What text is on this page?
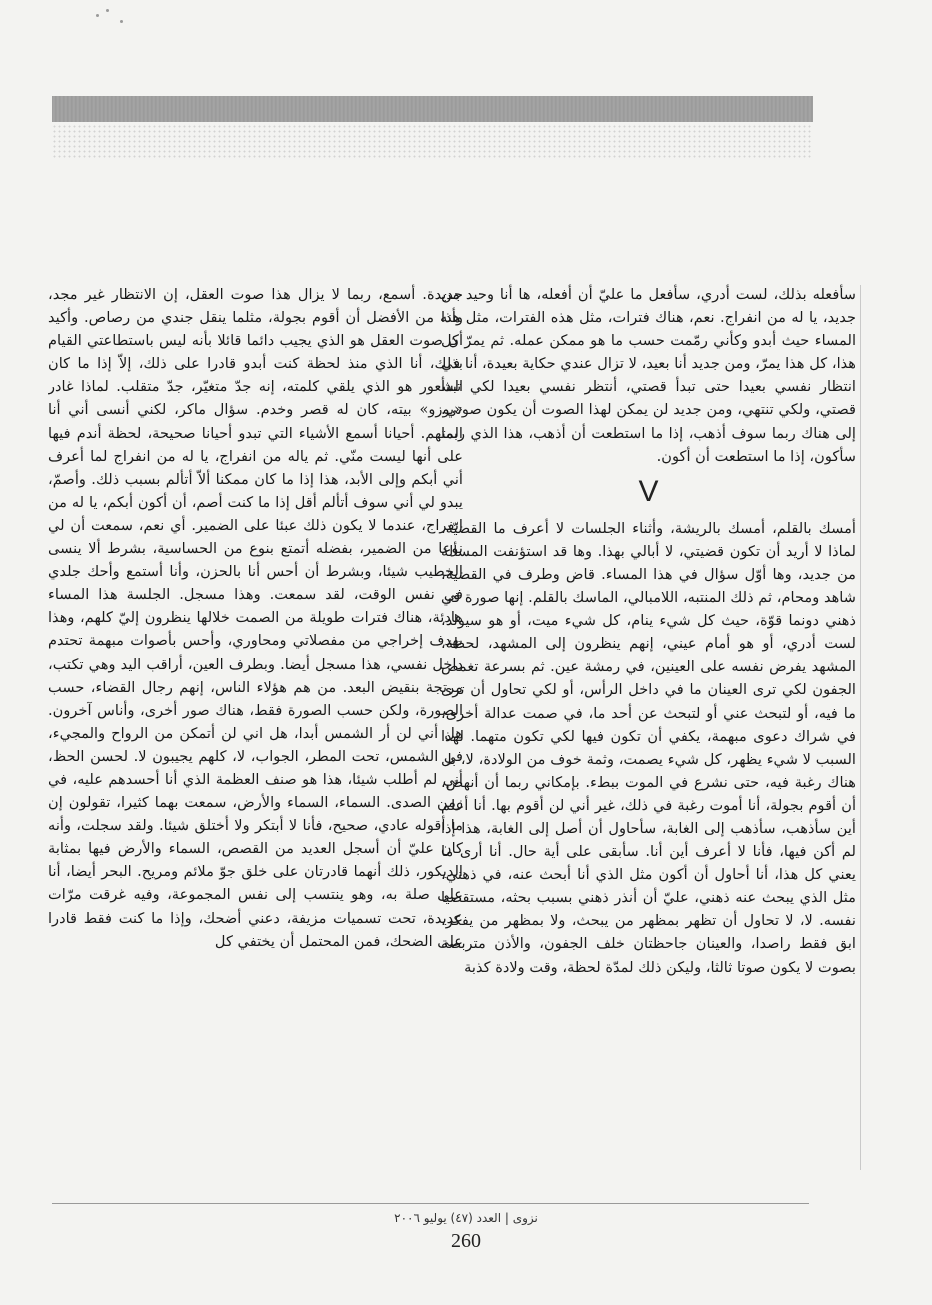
سأفعله بذلك، لست أدري، سأفعل ما عليّ أن أفعله، ها أنا وحيد من جديد، يا له من انفراج. نعم، هناك فترات، مثل هذه الفترات، مثل هذا المساء حيث أبدو وكأني رمّمت حسب ما هو ممكن عمله. ثم يمرّ كل هذا، كل هذا يمرّ، ومن جديد أنا بعيد، لا تزال عندي حكاية بعيدة، أنا في انتظار نفسي بعيدا حتى تبدأ قصتي، أنتظر نفسي بعيدا لكي تبدأ قصتي، ولكي تنتهي، ومن جديد لن يمكن لهذا الصوت أن يكون صوتي. إلى هناك ربما سوف أذهب، إذا ما استطعت أن أذهب، هذا الذي ربما سأكون، إذا ما استطعت أن أكون.

V

أمسك بالقلم، أمسك بالريشة، وأثناء الجلسات لا أعرف ما القضيّة. لماذا لا أريد أن تكون قضيتي، لا أبالي بهذا. وها قد استؤنفت المسألة من جديد، وها أوّل سؤال في هذا المساء. قاض وطرف في القضية، شاهد ومحام، ثم ذلك المنتبه، اللامبالي، الماسك بالقلم. إنها صورة في ذهني دونما قوّة، حيث كل شيء ينام، كل شيء ميت، أو هو سيولد، لست أدري، أو هو أمام عيني، إنهم ينظرون إلى المشهد، لحظة، المشهد يفرض نفسه على العينين، في رمشة عين. ثم بسرعة تغمض الجفون لكي ترى العينان ما في داخل الرأس، أو لكي تحاول أن ترى ما فيه، أو لتبحث عني أو لتبحث عن أحد ما، في صمت عدالة أخرى، في شراك دعوى مبهمة، يكفي أن تكون فيها لكي تكون متهما. لهذا السبب لا شيء يظهر، كل شيء يصمت، وثمة خوف من الولادة، لا، بل هناك رغبة فيه، حتى نشرع في الموت ببطء. بإمكاني ربما أن أنهض، أن أقوم بجولة، أنا أموت رغبة في ذلك، غير أني لن أقوم بها. أنا أعلم أين سأذهب، سأذهب إلى الغابة، سأحاول أن أصل إلى الغابة، هذا إذا لم أكن فيها، فأنا لا أعرف أين أنا. سأبقى على أية حال. أنا أرى ما يعني كل هذا، أنا أحاول أن أكون مثل الذي أنا أبحث عنه، في ذهني، مثل الذي يبحث عنه ذهني، عليّ أن أنذر ذهني بسبب بحثه، مستقصيا نفسه. لا، لا تحاول أن تظهر بمظهر من يبحث، ولا بمظهر من يفكر، ابق فقط راصدا، والعينان جاحظتان خلف الجفون، والأذن متربصة بصوت لا يكون صوتا ثالثا، وليكن ذلك لمدّة لحظة، وقت ولادة كذبة

جديدة. أسمع، ربما لا يزال هذا صوت العقل، إن الانتظار غير مجد، وأنه من الأفضل أن أقوم بجولة، مثلما ينقل جندي من رصاص. وأكيد أن صوت العقل هو الذي يجيب دائما قائلا بأنه ليس باستطاعتي القيام بذلك، أنا الذي منذ لحظة كنت أبدو قادرا على ذلك، إلاّ إذا ما كان الشعور هو الذي يلقي كلمته، إنه جدّ متغيّر، جدّ متقلب. لماذا غادر «يوزو» بيته، كان له قصر وخدم. سؤال ماكر، لكني أنسى أني أنا المتهم. أحيانا أسمع الأشياء التي تبدو أحيانا صحيحة، لحظة أندم فيها على أنها ليست منّي. ثم ياله من انفراج، يا له من انفراج لما أعرف أني أبكم وإلى الأبد، هذا إذا ما كان ممكنا ألاّ أتألم بسبب ذلك. وأصمّ، يبدو لي أني سوف أتألم أقل إذا ما كنت أصم، أن أكون أبكم، يا له من انفراج، عندما لا يكون ذلك عبئا على الضمير. أي نعم، سمعت أن لي نوعا من الضمير، بفضله أتمتع بنوع من الحساسية، بشرط ألا ينسى الخطيب شيئا، وبشرط أن أحس أنا بالحزن، وأنا أستمع وأحك جلدي في نفس الوقت، لقد سمعت. وهذا مسجل. الجلسة هذا المساء هادئة، هناك فترات طويلة من الصمت خلالها ينظرون إليّ كلهم، وهذا بهدف إخراجي من مفصلاتي ومحاوري، وأحس بأصوات مبهمة تحتدم داخل نفسي، هذا مسجل أيضا. وبطرف العين، أراقب اليد وهي تكتب، مرتجة بنقيض البعد. من هم هؤلاء الناس، إنهم رجال القضاء، حسب الصورة، ولكن حسب الصورة فقط، هناك صور أخرى، وأناس آخرون. هل أني لن أر الشمس أبدا، هل اني لن أتمكن من الرواح والمجيء، في الشمس، تحت المطر، الجواب، لا، كلهم يجيبون لا. لحسن الحظ، أني لم أطلب شيئا، هذا هو صنف العظمة الذي أنا أحسدهم عليه، في زمن الصدى. السماء، السماء والأرض، سمعت بهما كثيرا، تقولون إن ما أقوله عادي، صحيح، فأنا لا أبتكر ولا أختلق شيئا. ولقد سجلت، وأنه كان عليّ أن أسجل العديد من القصص، السماء والأرض فيها بمثابة الديكور، ذلك أنهما قادرتان على خلق جوّ ملائم ومريح. البحر أيضا، أنا على صلة به، وهو ينتسب إلى نفس المجموعة، وفيه غرقت مرّات عديدة، تحت تسميات مزيفة، دعني أضحك، وإذا ما كنت فقط قادرا على الضحك، فمن المحتمل أن يختفي كل

نزوى | العدد (٤٧) يوليو ٢٠٠٦
260
